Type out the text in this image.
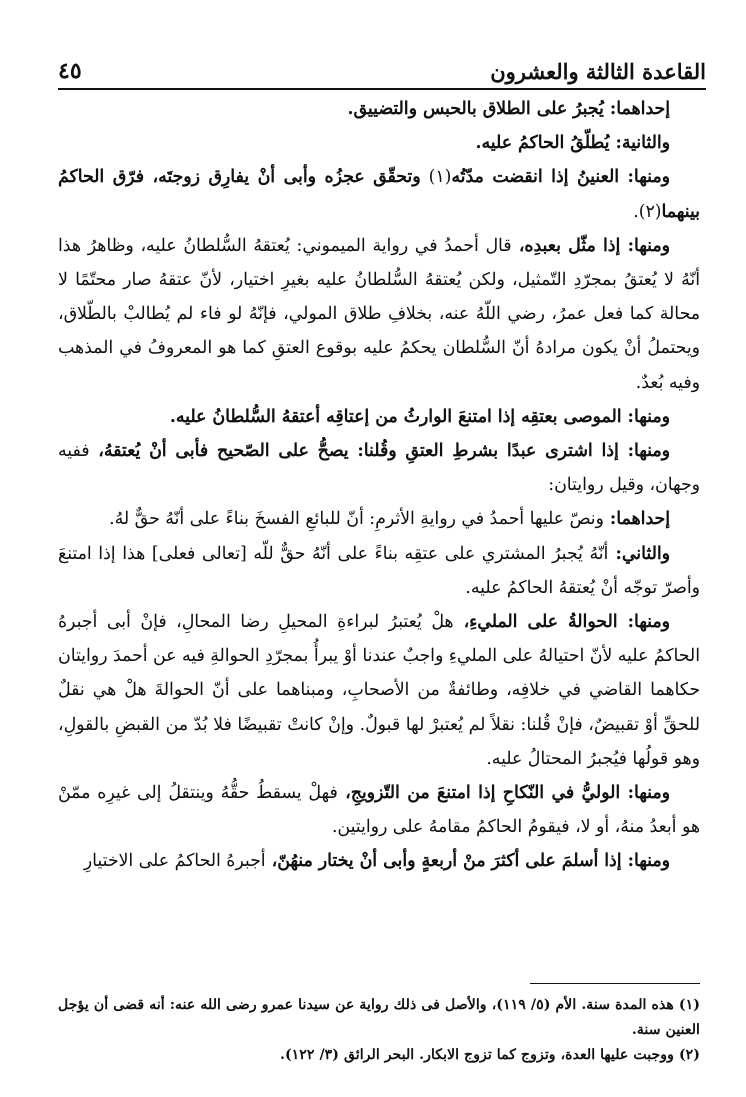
القاعدة الثالثة والعشرون
٤٥

إحداهما: يُجبرُ على الطلاق بالحبس والتضييق.

والثانية: يُطلّقُ الحاكمُ عليه.

ومنها: العنينُ إذا انقضت مدّتُه(١) وتحقّق عجزُه وأبى أنْ يفارِق زوجتَه، فرّق الحاكمُ بينهما(٢).

ومنها: إذا مثّل بعبدِه، قال أحمدُ في رواية الميموني: يُعتقهُ السُّلطانُ عليه، وظاهرُ هذا أنّهُ لا يُعتقُ بمجرّدِ التّمثيل، ولكن يُعتقهُ السُّلطانُ عليه بغيرِ اختيار، لأنّ عتقهُ صار محتّمًا لا محالة كما فعل عمرُ، رضي اللّهُ عنه، بخلافِ طلاق المولي، فإنّهُ لو فاء لم يُطالبْ بالطّلاق، ويحتملُ أنْ يكون مرادهُ أنّ السُّلطان يحكمُ عليه بوقوع العتقِ كما هو المعروفُ في المذهب وفيه بُعدٌ.

ومنها: الموصى بعتقِه إذا امتنعَ الوارثُ من إعتاقِه أعتقهُ السُّلطانُ عليه.

ومنها: إذا اشترى عبدًا بشرطِ العتقِ وقُلنا: يصحُّ على الصّحيح فأبى أنْ يُعتقهُ، ففيه وجهان، وقيل روايتان:

إحداهما: ونصّ عليها أحمدُ في روايةِ الأثرمِ: أنّ للبائعِ الفسخَ بناءً على أنّهُ حقٌّ لهُ.

والثاني: أنّهُ يُجبرُ المشتري على عتقِه بناءً على أنّهُ حقٌّ للّه [تعالى فعلى] هذا إذا امتنعَ وأصرّ توجّه أنْ يُعتقهُ الحاكمُ عليه.

ومنها: الحوالةُ على المليءِ، هلْ يُعتبرُ لبراءةِ المحيلِ رضا المحالِ، فإنْ أبى أجبرهُ الحاكمُ عليه لأنّ احتيالهُ على المليءِ واجبٌ عندنا أوْ يبرأُ بمجرّدِ الحوالةِ فيه عن أحمدَ روايتان حكاهما القاضي في خلافِه، وطائفةٌ من الأصحابِ، ومبناهما على أنّ الحوالةَ هلْ هي نقلٌ للحقِّ أوْ تقبيضٌ، فإنْ قُلنا: نقلاً لم يُعتبرْ لها قبولٌ. وإنْ كانتْ تقبيضًا فلا بُدّ من القبضِ بالقولِ، وهو قولُها فيُجبرُ المحتالُ عليه.

ومنها: الوليُّ في النّكاحِ إذا امتنعَ من التّزويجِ، فهلْ يسقطُ حقُّهُ وينتقلُ إلى غيرِه ممّنْ هو أبعدُ منهُ، أو لا، فيقومُ الحاكمُ مقامهُ على روايتين.

ومنها: إذا أسلمَ على أكثرَ منْ أربعةٍ وأبى أنْ يختار منهُنّ، أجبرهُ الحاكمُ على الاختيارِ

(١) هذه المدة سنة. الأم (٥/ ١١٩)، والأصل فى ذلك رواية عن سيدنا عمرو رضى الله عنه: أنه قضى أن يؤجل العنين سنة.

(٢) ووجبت عليها العدة، وتزوج كما تزوج الابكار. البحر الرائق (٣/ ١٢٢).
